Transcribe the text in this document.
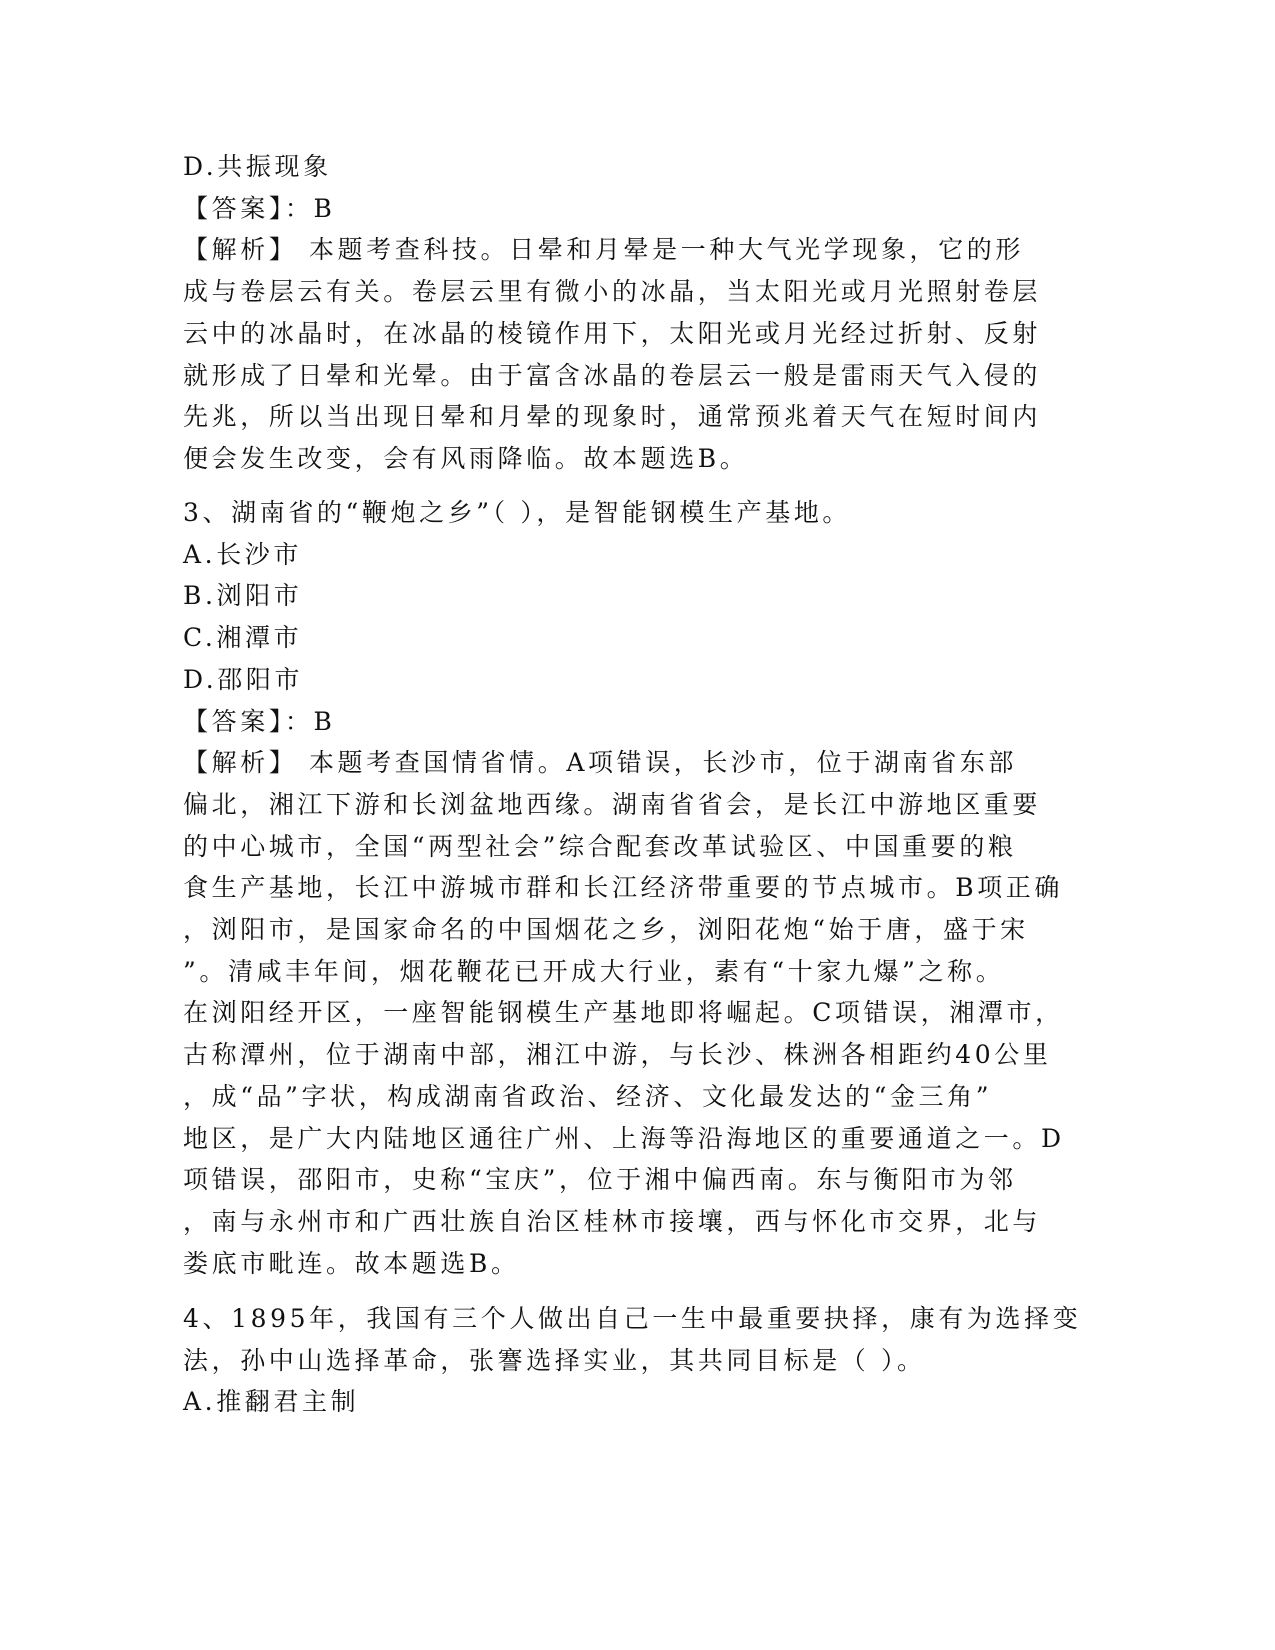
D.共振现象
【答案】：B
【解析】 本题考查科技。日晕和月晕是一种大气光学现象，它的形
成与卷层云有关。卷层云里有微小的冰晶，当太阳光或月光照射卷层
云中的冰晶时，在冰晶的棱镜作用下，太阳光或月光经过折射、反射
就形成了日晕和光晕。由于富含冰晶的卷层云一般是雷雨天气入侵的
先兆，所以当出现日晕和月晕的现象时，通常预兆着天气在短时间内
便会发生改变，会有风雨降临。故本题选B。
3、湖南省的“鞭炮之乡”（ ），是智能钢模生产基地。
A.长沙市
B.浏阳市
C.湘潭市
D.邵阳市
【答案】：B
【解析】 本题考查国情省情。A项错误，长沙市，位于湖南省东部
偏北，湘江下游和长浏盆地西缘。湖南省省会，是长江中游地区重要
的中心城市，全国“两型社会”综合配套改革试验区、中国重要的粮
食生产基地，长江中游城市群和长江经济带重要的节点城市。B项正确
，浏阳市，是国家命名的中国烟花之乡，浏阳花炮“始于唐，盛于宋
”。清咸丰年间，烟花鞭花已开成大行业，素有“十家九爆”之称。
在浏阳经开区，一座智能钢模生产基地即将崛起。C项错误，湘潭市，
古称潭州，位于湖南中部，湘江中游，与长沙、株洲各相距约40公里
，成“品”字状，构成湖南省政治、经济、文化最发达的“金三角”
地区，是广大内陆地区通往广州、上海等沿海地区的重要通道之一。D
项错误，邵阳市，史称“宝庆”，位于湘中偏西南。东与衡阳市为邻
，南与永州市和广西壮族自治区桂林市接壤，西与怀化市交界，北与
娄底市毗连。故本题选B。
4、1895年，我国有三个人做出自己一生中最重要抉择，康有为选择变
法，孙中山选择革命，张謇选择实业，其共同目标是（ ）。
A.推翻君主制
